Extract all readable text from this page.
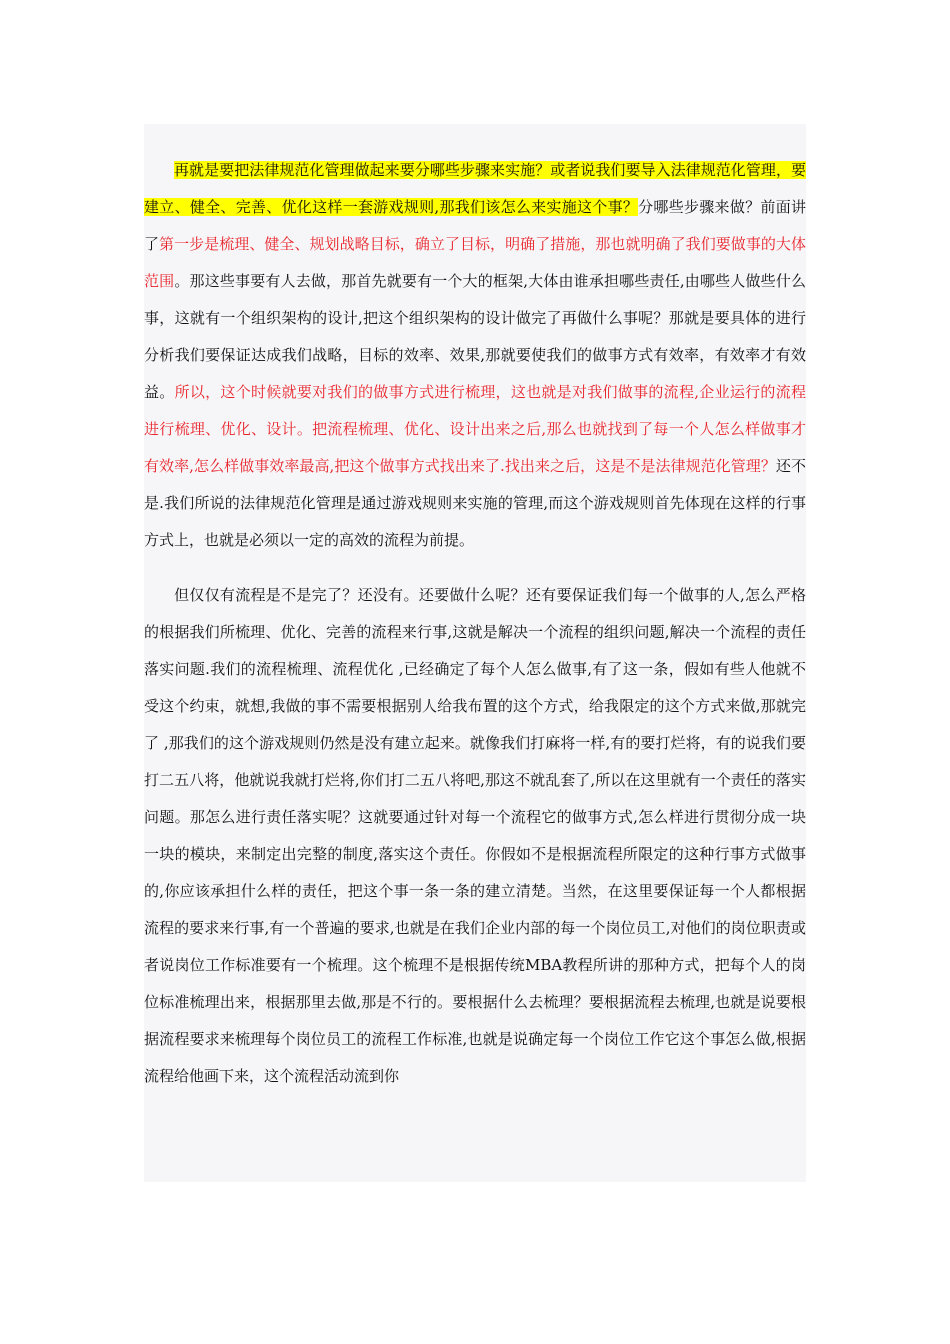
再就是要把法律规范化管理做起来要分哪些步骤来实施？或者说我们要导入法律规范化管理，要建立、健全、完善、优化这样一套游戏规则,那我们该怎么来实施这个事？分哪些步骤来做？前面讲了第一步是梳理、健全、规划战略目标，确立了目标，明确了措施，那也就明确了我们要做事的大体范围。那这些事要有人去做，那首先就要有一个大的框架,大体由谁承担哪些责任,由哪些人做些什么事，这就有一个组织架构的设计,把这个组织架构的设计做完了再做什么事呢？那就是要具体的进行分析我们要保证达成我们战略，目标的效率、效果,那就要使我们的做事方式有效率，有效率才有效益。所以，这个时候就要对我们的做事方式进行梳理，这也就是对我们做事的流程,企业运行的流程进行梳理、优化、设计。把流程梳理、优化、设计出来之后,那么也就找到了每一个人怎么样做事才有效率,怎么样做事效率最高,把这个做事方式找出来了.找出来之后，这是不是法律规范化管理？还不是.我们所说的法律规范化管理是通过游戏规则来实施的管理,而这个游戏规则首先体现在这样的行事方式上，也就是必须以一定的高效的流程为前提。

但仅仅有流程是不是完了？还没有。还要做什么呢？还有要保证我们每一个做事的人,怎么严格的根据我们所梳理、优化、完善的流程来行事,这就是解决一个流程的组织问题,解决一个流程的责任落实问题.我们的流程梳理、流程优化 ,已经确定了每个人怎么做事,有了这一条，假如有些人他就不受这个约束，就想,我做的事不需要根据别人给我布置的这个方式，给我限定的这个方式来做,那就完了 ,那我们的这个游戏规则仍然是没有建立起来。就像我们打麻将一样,有的要打烂将，有的说我们要打二五八将，他就说我就打烂将,你们打二五八将吧,那这不就乱套了,所以在这里就有一个责任的落实问题。那怎么进行责任落实呢？这就要通过针对每一个流程它的做事方式,怎么样进行贯彻分成一块一块的模块，来制定出完整的制度,落实这个责任。你假如不是根据流程所限定的这种行事方式做事的,你应该承担什么样的责任，把这个事一条一条的建立清楚。当然，在这里要保证每一个人都根据流程的要求来行事,有一个普遍的要求,也就是在我们企业内部的每一个岗位员工,对他们的岗位职责或者说岗位工作标准要有一个梳理。这个梳理不是根据传统MBA教程所讲的那种方式，把每个人的岗位标准梳理出来，根据那里去做,那是不行的。要根据什么去梳理？要根据流程去梳理,也就是说要根据流程要求来梳理每个岗位员工的流程工作标准,也就是说确定每一个岗位工作它这个事怎么做,根据流程给他画下来，这个流程活动流到你
